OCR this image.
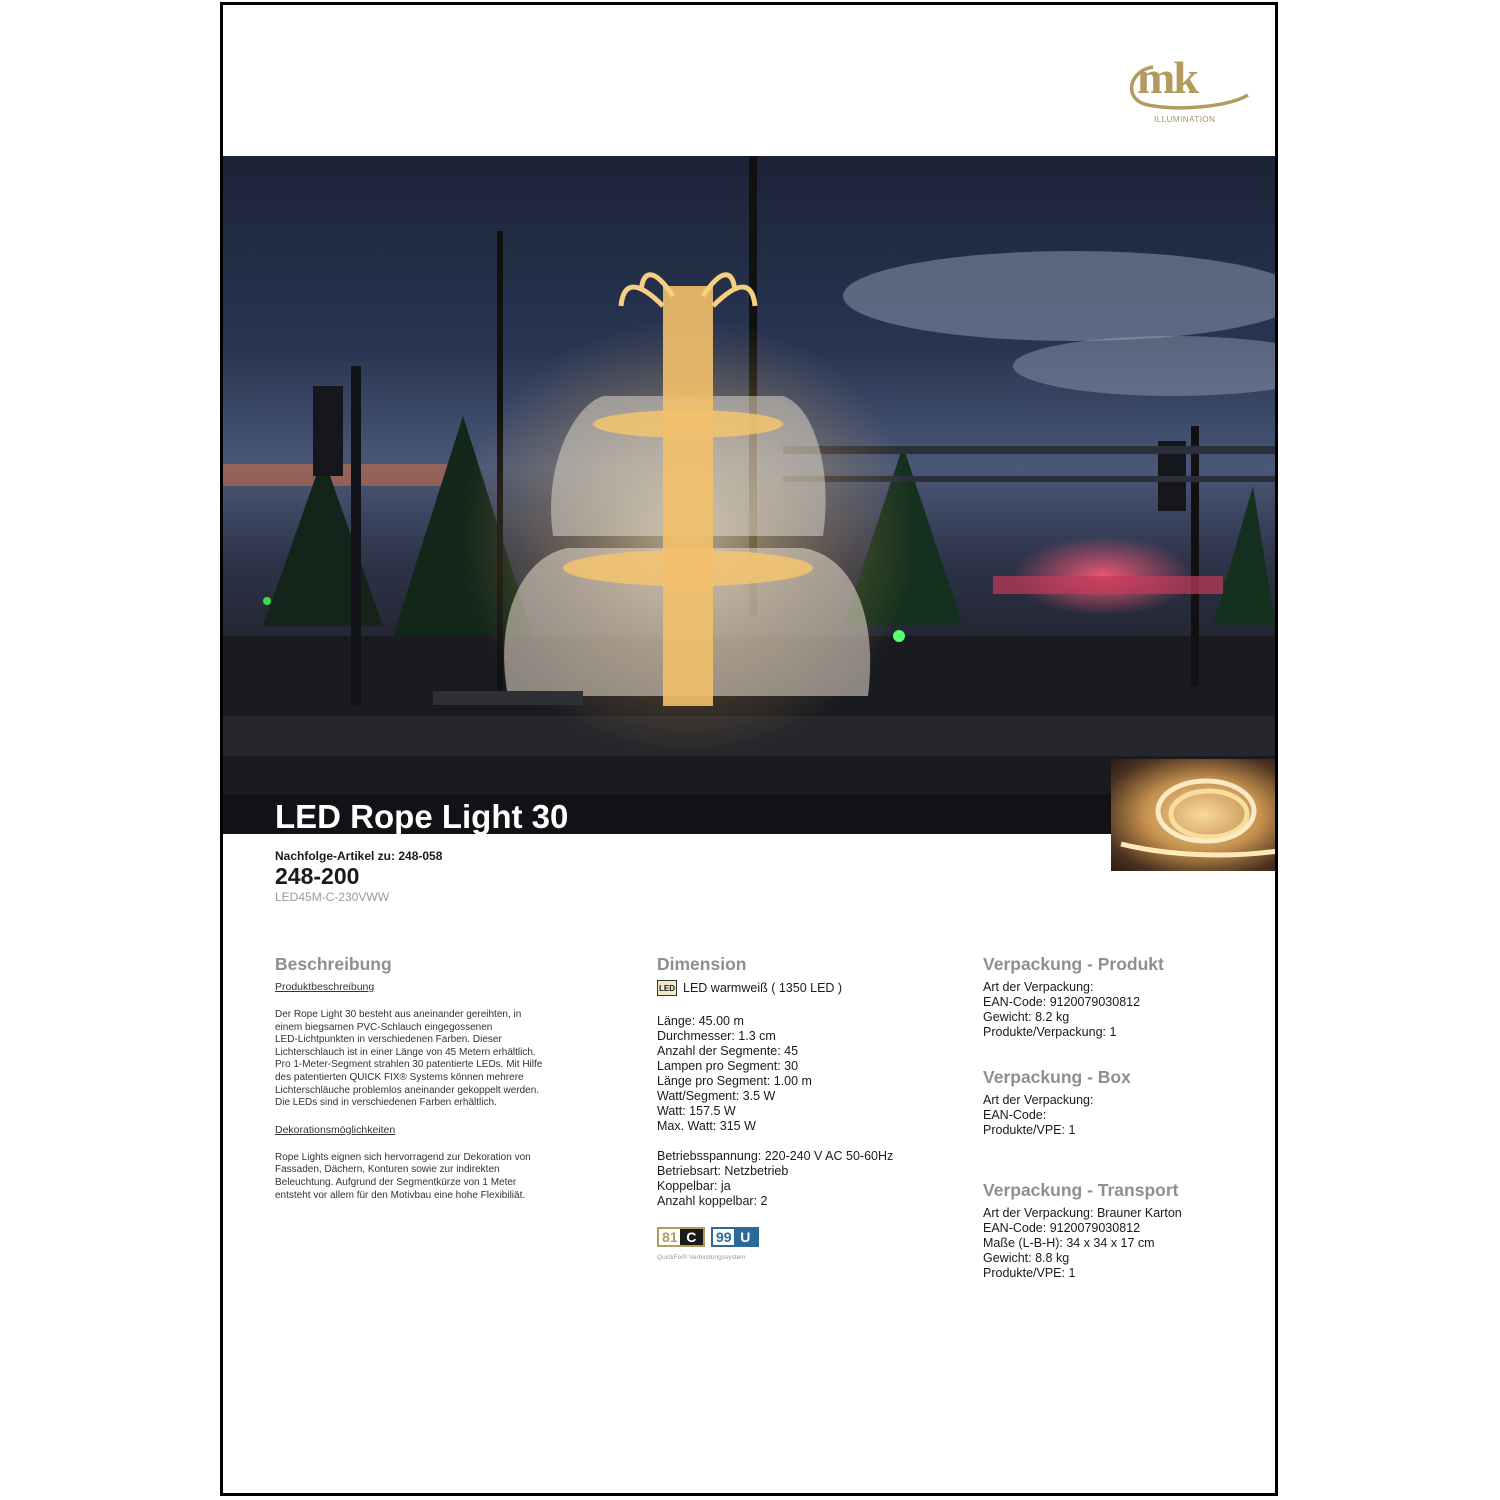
mk
ILLUMINATION
LED Rope Light 30
Nachfolge-Artikel zu: 248-058
248-200
LED45M-C-230VWW
Beschreibung
Produktbeschreibung

Der Rope Light 30 besteht aus aneinander gereihten, in
einem biegsamen PVC-Schlauch eingegossenen
LED-Lichtpunkten in verschiedenen Farben. Dieser
Lichterschlauch ist in einer Länge von 45 Metern erhältlich.
Pro 1-Meter-Segment strahlen 30 patentierte LEDs. Mit Hilfe
des patentierten QUICK FIX® Systems können mehrere
Lichterschläuche problemlos aneinander gekoppelt werden.
Die LEDs sind in verschiedenen Farben erhältlich.

Dekorationsmöglichkeiten

Rope Lights eignen sich hervorragend zur Dekoration von
Fassaden, Dächern, Konturen sowie zur indirekten
Beleuchtung. Aufgrund der Segmentkürze von 1 Meter
entsteht vor allem für den Motivbau eine hohe Flexibiliät.

Dimension
LED LED warmweiß ( 1350 LED )
Länge: 45.00 m
Durchmesser: 1.3 cm
Anzahl der Segmente: 45
Lampen pro Segment: 30
Länge pro Segment: 1.00 m
Watt/Segment: 3.5 W
Watt: 157.5 W
Max. Watt: 315 W
Betriebsspannung: 220-240 V AC 50-60Hz
Betriebsart: Netzbetrieb
Koppelbar: ja
Anzahl koppelbar: 2
81 C	99 U
QuickFix® Verbindungssystem
Verpackung - Produkt
Art der Verpackung:
EAN-Code: 9120079030812
Gewicht: 8.2 kg
Produkte/Verpackung: 1
Verpackung - Box
Art der Verpackung:
EAN-Code:
Produkte/VPE: 1
Verpackung - Transport
Art der Verpackung: Brauner Karton
EAN-Code: 9120079030812
Maße (L-B-H): 34 x 34 x 17 cm
Gewicht: 8.8 kg
Produkte/VPE: 1
